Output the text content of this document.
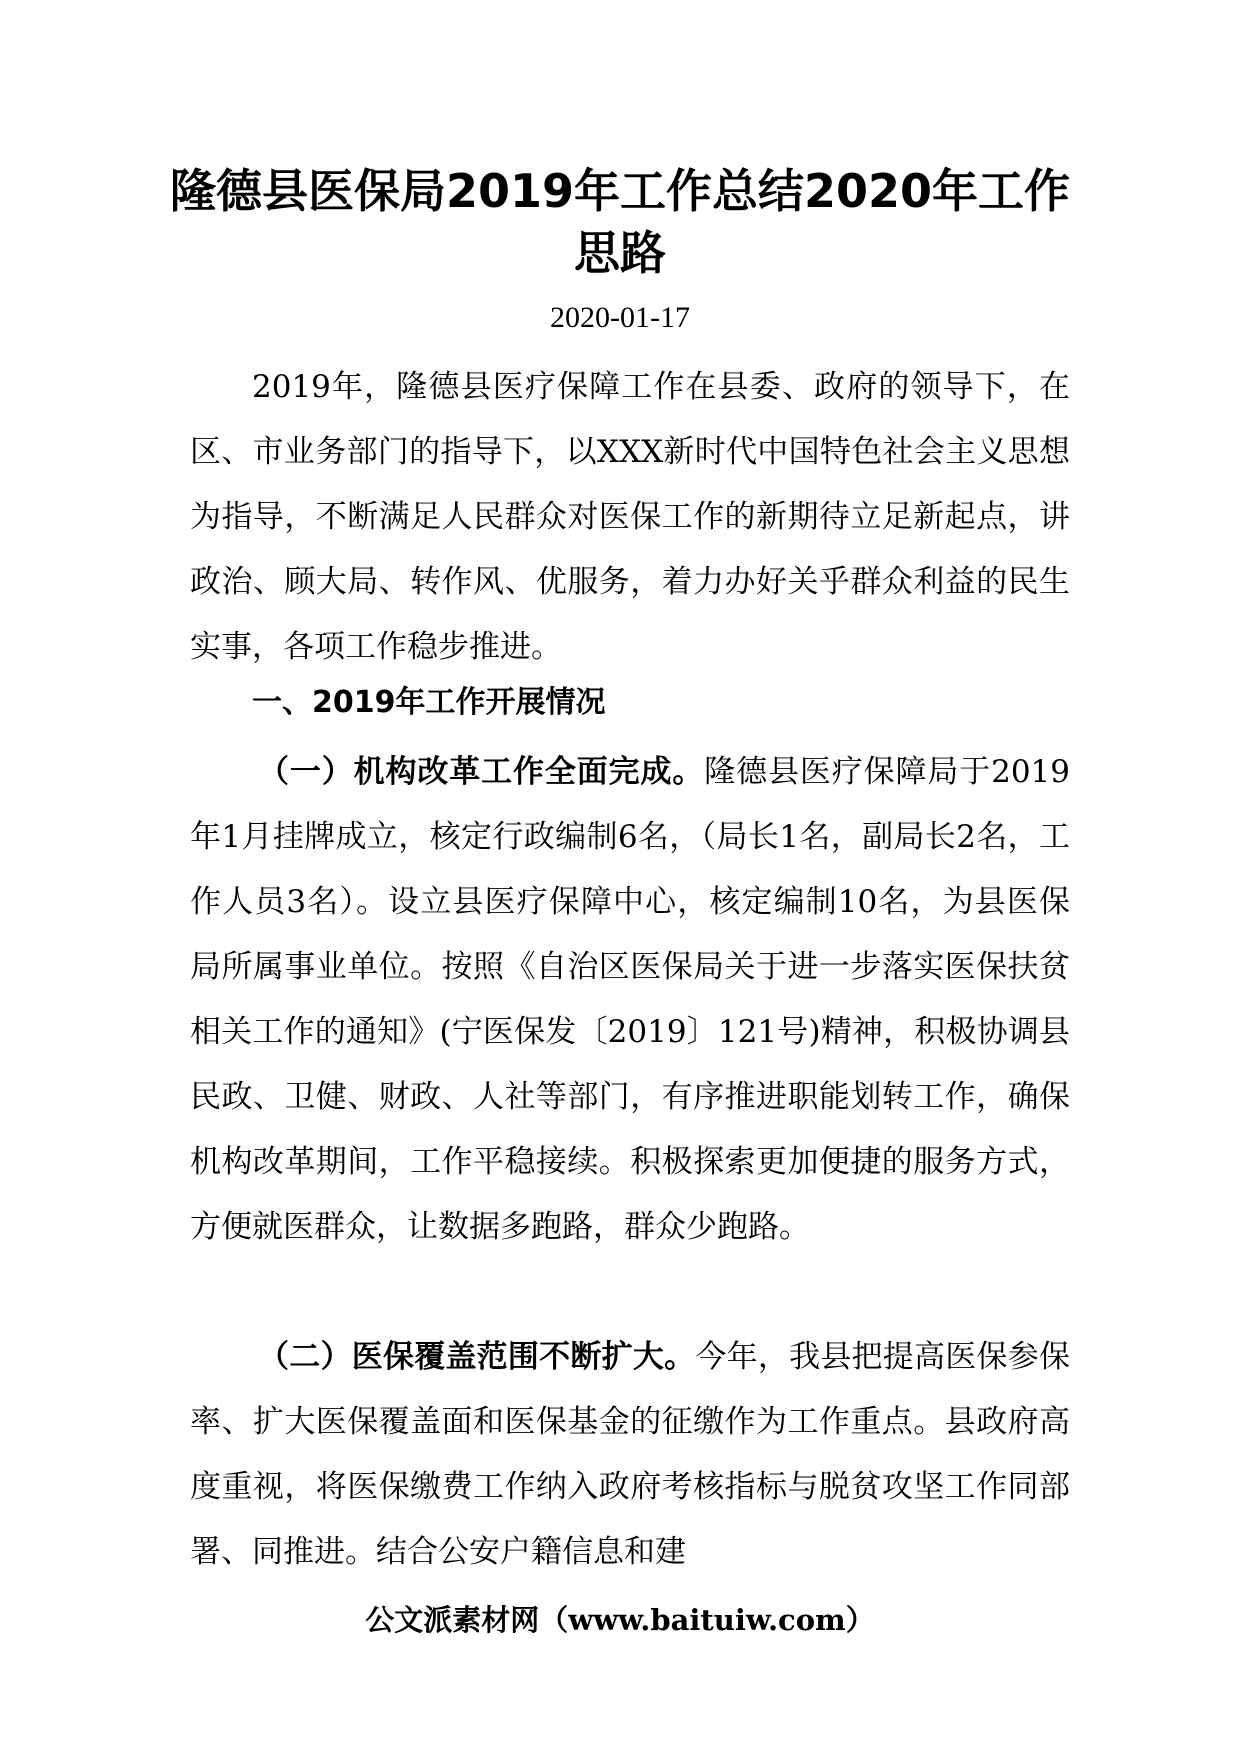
隆德县医保局2019年工作总结2020年工作
思路
2020-01-17

2019年，隆德县医疗保障工作在县委、政府的领导下，在区、市业务部门的指导下，以XXX新时代中国特色社会主义思想为指导，不断满足人民群众对医保工作的新期待立足新起点，讲政治、顾大局、转作风、优服务，着力办好关乎群众利益的民生实事，各项工作稳步推进。

一、2019年工作开展情况

（一）机构改革工作全面完成。隆德县医疗保障局于2019年1月挂牌成立，核定行政编制6名，（局长1名，副局长2名，工作人员3名）。设立县医疗保障中心，核定编制10名，为县医保局所属事业单位。按照《自治区医保局关于进一步落实医保扶贫相关工作的通知》(宁医保发〔2019〕121号)精神，积极协调县民政、卫健、财政、人社等部门，有序推进职能划转工作，确保机构改革期间，工作平稳接续。积极探索更加便捷的服务方式，方便就医群众，让数据多跑路，群众少跑路。

（二）医保覆盖范围不断扩大。今年，我县把提高医保参保率、扩大医保覆盖面和医保基金的征缴作为工作重点。县政府高度重视，将医保缴费工作纳入政府考核指标与脱贫攻坚工作同部署、同推进。结合公安户籍信息和建

公文派素材网（www.baituiw.com）
